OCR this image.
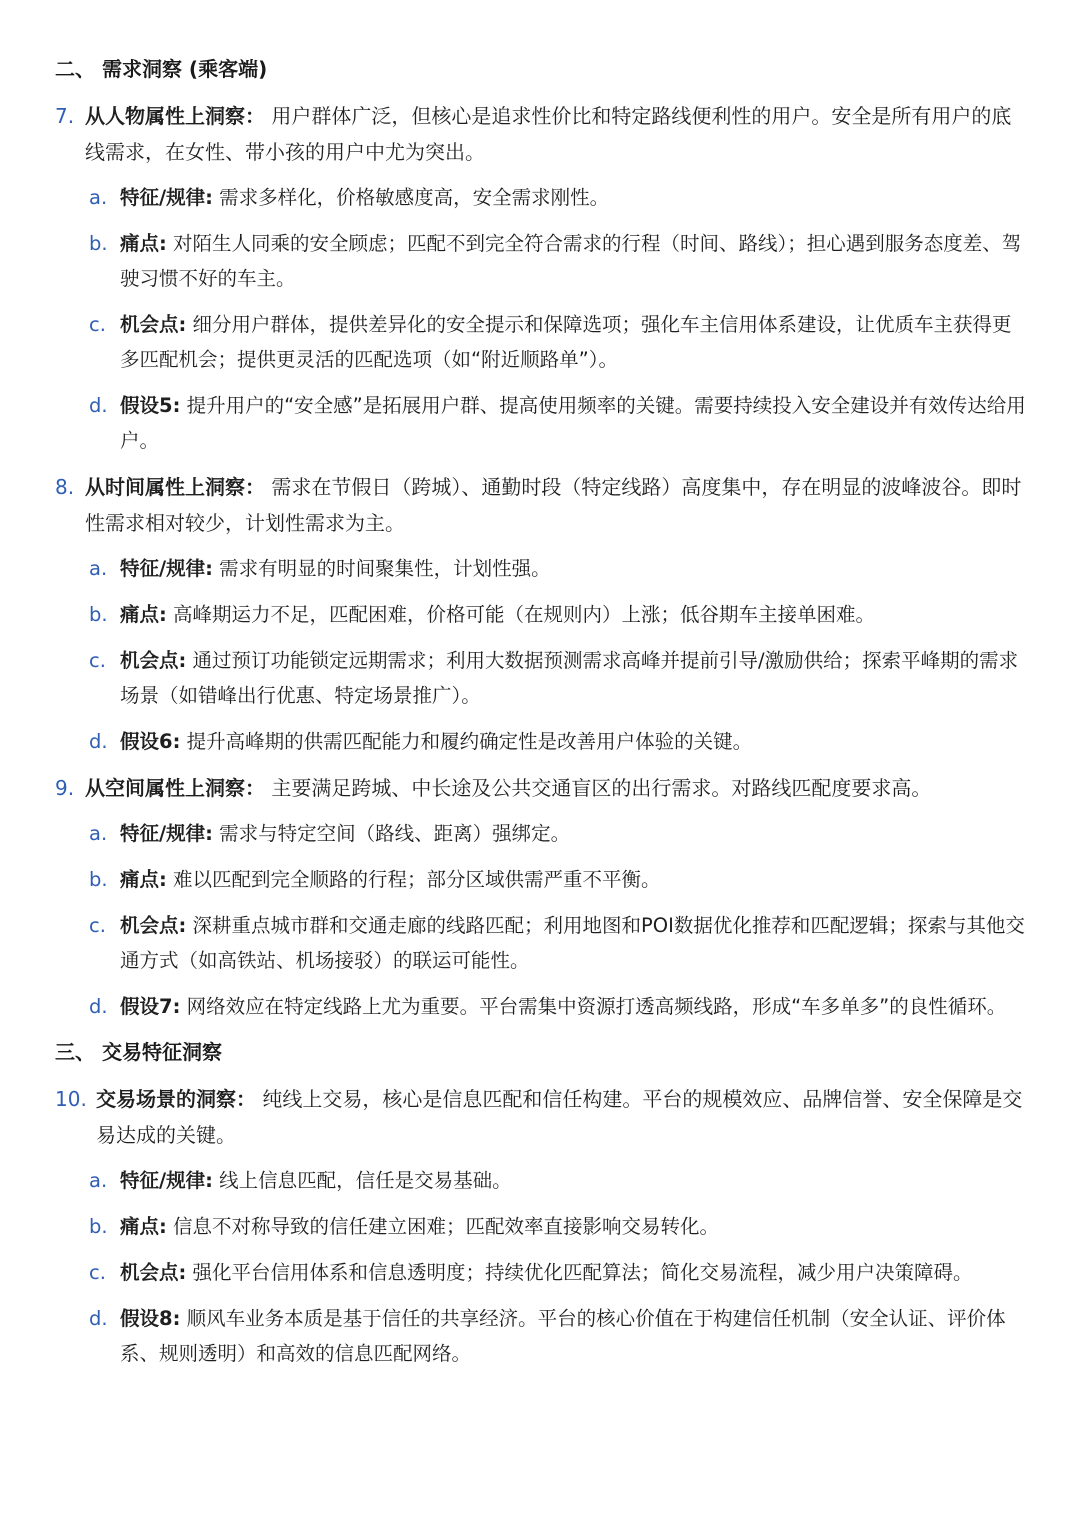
二、 需求洞察 (乘客端)
7. 从人物属性上洞察： 用户群体广泛，但核心是追求性价比和特定路线便利性的用户。安全是所有用户的底线需求，在女性、带小孩的用户中尤为突出。
a. 特征/规律: 需求多样化，价格敏感度高，安全需求刚性。
b. 痛点: 对陌生人同乘的安全顾虑；匹配不到完全符合需求的行程（时间、路线）；担心遇到服务态度差、驾驶习惯不好的车主。
c. 机会点: 细分用户群体，提供差异化的安全提示和保障选项；强化车主信用体系建设，让优质车主获得更多匹配机会；提供更灵活的匹配选项（如“附近顺路单”）。
d. 假设5: 提升用户的“安全感”是拓展用户群、提高使用频率的关键。需要持续投入安全建设并有效传达给用户。
8. 从时间属性上洞察： 需求在节假日（跨城）、通勤时段（特定线路）高度集中，存在明显的波峰波谷。即时性需求相对较少，计划性需求为主。
a. 特征/规律: 需求有明显的时间聚集性，计划性强。
b. 痛点: 高峰期运力不足，匹配困难，价格可能（在规则内）上涨；低谷期车主接单困难。
c. 机会点: 通过预订功能锁定远期需求；利用大数据预测需求高峰并提前引导/激励供给；探索平峰期的需求场景（如错峰出行优惠、特定场景推广）。
d. 假设6: 提升高峰期的供需匹配能力和履约确定性是改善用户体验的关键。
9. 从空间属性上洞察： 主要满足跨城、中长途及公共交通盲区的出行需求。对路线匹配度要求高。
a. 特征/规律: 需求与特定空间（路线、距离）强绑定。
b. 痛点: 难以匹配到完全顺路的行程；部分区域供需严重不平衡。
c. 机会点: 深耕重点城市群和交通走廊的线路匹配；利用地图和POI数据优化推荐和匹配逻辑；探索与其他交通方式（如高铁站、机场接驳）的联运可能性。
d. 假设7: 网络效应在特定线路上尤为重要。平台需集中资源打透高频线路，形成“车多单多”的良性循环。
三、 交易特征洞察
10. 交易场景的洞察： 纯线上交易，核心是信息匹配和信任构建。平台的规模效应、品牌信誉、安全保障是交易达成的关键。
a. 特征/规律: 线上信息匹配，信任是交易基础。
b. 痛点: 信息不对称导致的信任建立困难；匹配效率直接影响交易转化。
c. 机会点: 强化平台信用体系和信息透明度；持续优化匹配算法；简化交易流程，减少用户决策障碍。
d. 假设8: 顺风车业务本质是基于信任的共享经济。平台的核心价值在于构建信任机制（安全认证、评价体系、规则透明）和高效的信息匹配网络。
